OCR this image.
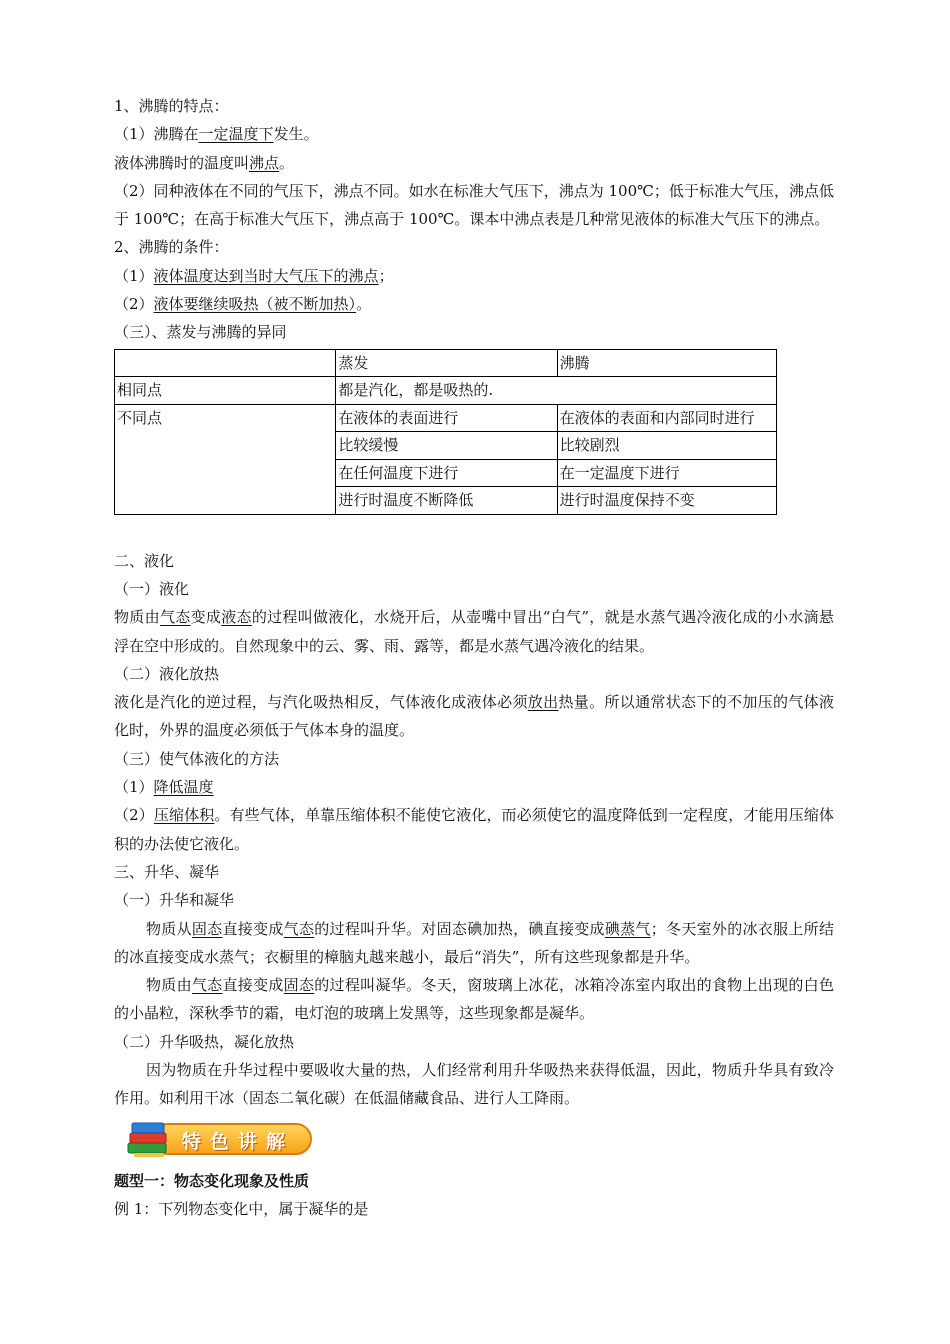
1、沸腾的特点：
（1）沸腾在一定温度下发生。
液体沸腾时的温度叫沸点。
（2）同种液体在不同的气压下，沸点不同。如水在标准大气压下，沸点为 100℃；低于标准大气压，沸点低于 100℃；在高于标准大气压下，沸点高于 100℃。课本中沸点表是几种常见液体的标准大气压下的沸点。
2、沸腾的条件：
（1）液体温度达到当时大气压下的沸点；
（2）液体要继续吸热（被不断加热）。
（三）、蒸发与沸腾的异同
	蒸发	沸腾
相同点	都是汽化，都是吸热的.	
不同点	在液体的表面进行	在液体的表面和内部同时进行
	比较缓慢	比较剧烈
	在任何温度下进行	在一定温度下进行
	进行时温度不断降低	进行时温度保持不变
二、液化
（一）液化
物质由气态变成液态的过程叫做液化，水烧开后，从壶嘴中冒出“白气”，就是水蒸气遇冷液化成的小水滴悬浮在空中形成的。自然现象中的云、雾、雨、露等，都是水蒸气遇冷液化的结果。
（二）液化放热
液化是汽化的逆过程，与汽化吸热相反，气体液化成液体必须放出热量。所以通常状态下的不加压的气体液化时，外界的温度必须低于气体本身的温度。
（三）使气体液化的方法
（1）降低温度
（2）压缩体积。有些气体，单靠压缩体积不能使它液化，而必须使它的温度降低到一定程度，才能用压缩体积的办法使它液化。
三、升华、凝华
（一）升华和凝华
物质从固态直接变成气态的过程叫升华。对固态碘加热，碘直接变成碘蒸气；冬天室外的冰衣服上所结的冰直接变成水蒸气；衣橱里的樟脑丸越来越小，最后“消失”，所有这些现象都是升华。
物质由气态直接变成固态的过程叫凝华。冬天，窗玻璃上冰花，冰箱冷冻室内取出的食物上出现的白色的小晶粒，深秋季节的霜，电灯泡的玻璃上发黑等，这些现象都是凝华。
（二）升华吸热，凝化放热
因为物质在升华过程中要吸收大量的热，人们经常利用升华吸热来获得低温，因此，物质升华具有致冷作用。如利用干冰（固态二氧化碳）在低温储藏食品、进行人工降雨。
特色讲解
题型一：物态变化现象及性质
例 1：下列物态变化中，属于凝华的是
